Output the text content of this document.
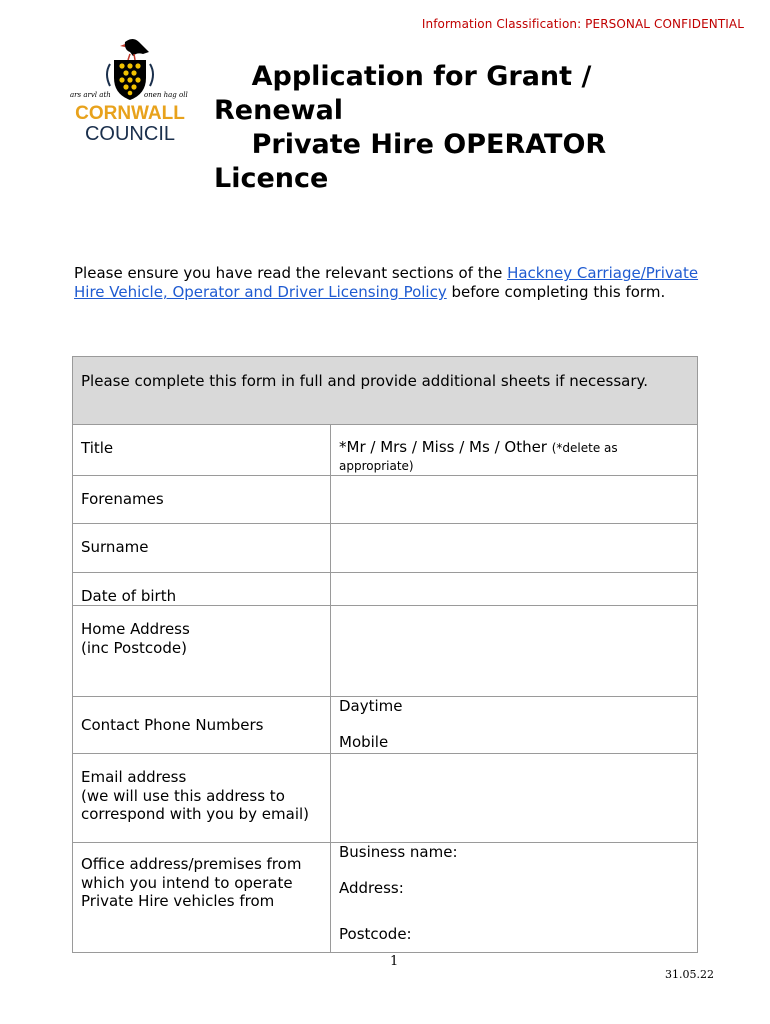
Information Classification: PERSONAL CONFIDENTIAL
ars arvl ath	onen hag oll
CORNWALL
COUNCIL
Application for Grant /
Renewal
Private Hire OPERATOR
Licence
Please ensure you have read the relevant sections of the Hackney Carriage/Private Hire Vehicle, Operator and Driver Licensing Policy before completing this form.
Please complete this form in full and provide additional sheets if necessary.	
Title	*Mr / Mrs / Miss / Ms / Other (*delete as appropriate)
Forenames	
Surname	
Date of birth	

Home Address
(inc Postcode)	

Contact Phone Numbers	Daytime
Mobile

Email address
(we will use this address to correspond with you by email)	

Office address/premises from which you intend to operate Private Hire vehicles from	Business name:
Address:
Postcode:
1
31.05.22
